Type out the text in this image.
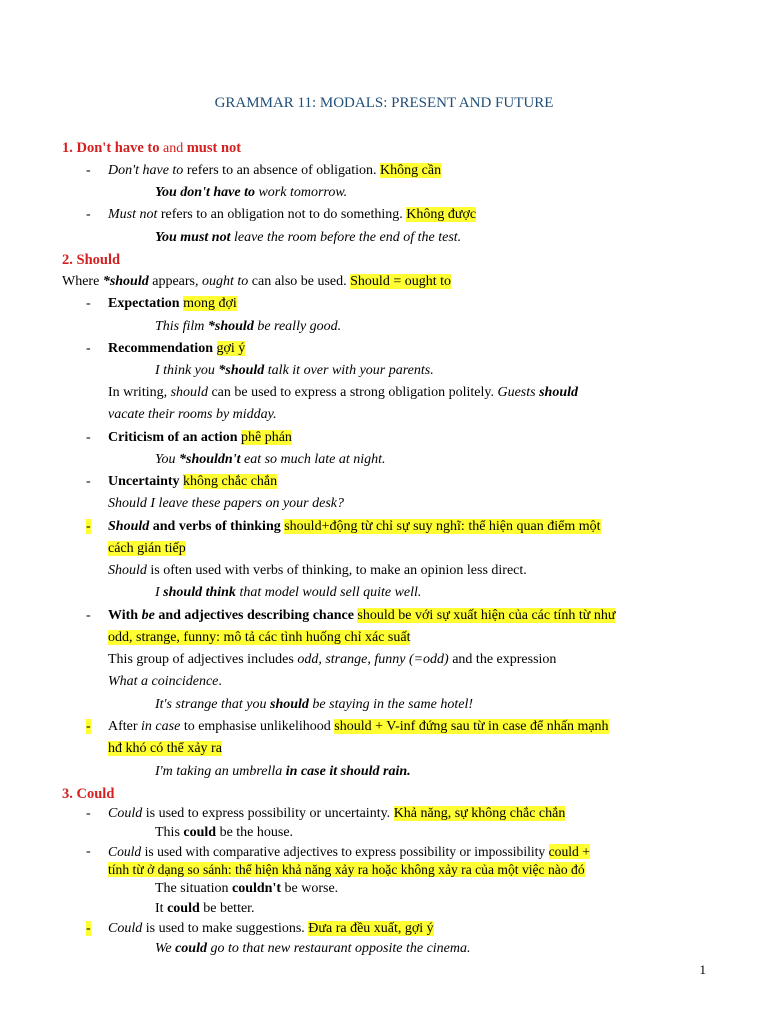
GRAMMAR 11: MODALS: PRESENT AND FUTURE
1. Don't have to and must not
- Don't have to refers to an absence of obligation. Không cần
You don't have to work tomorrow.
- Must not refers to an obligation not to do something. Không được
You must not leave the room before the end of the test.
2. Should
Where *should appears, ought to can also be used. Should = ought to
- Expectation mong đợi
This film *should be really good.
- Recommendation gợi ý
I think you *should talk it over with your parents.
In writing, should can be used to express a strong obligation politely. Guests should
vacate their rooms by midday.
- Criticism of an action phê phán
You *shouldn't eat so much late at night.
- Uncertainty không chắc chắn
Should I leave these papers on your desk?
- Should and verbs of thinking should+động từ chỉ sự suy nghĩ: thể hiện quan điểm một
cách gián tiếp
Should is often used with verbs of thinking, to make an opinion less direct.
I should think that model would sell quite well.
- With be and adjectives describing chance should be với sự xuất hiện của các tính từ như
odd, strange, funny: mô tả các tình huống chỉ xác suất
This group of adjectives includes odd, strange, funny (=odd) and the expression
What a coincidence.
It's strange that you should be staying in the same hotel!
- After in case to emphasise unlikelihood should + V-inf đứng sau từ in case để nhấn mạnh
hđ khó có thể xảy ra
I'm taking an umbrella in case it should rain.
3. Could
- Could is used to express possibility or uncertainty. Khả năng, sự không chắc chắn
This could be the house.
- Could is used with comparative adjectives to express possibility or impossibility could +
tính từ ở dạng so sánh: thể hiện khả năng xảy ra hoặc không xảy ra của một việc nào đó
The situation couldn't be worse.
It could be better.
- Could is used to make suggestions. Đưa ra đều xuất, gợi ý
We could go to that new restaurant opposite the cinema.
1
